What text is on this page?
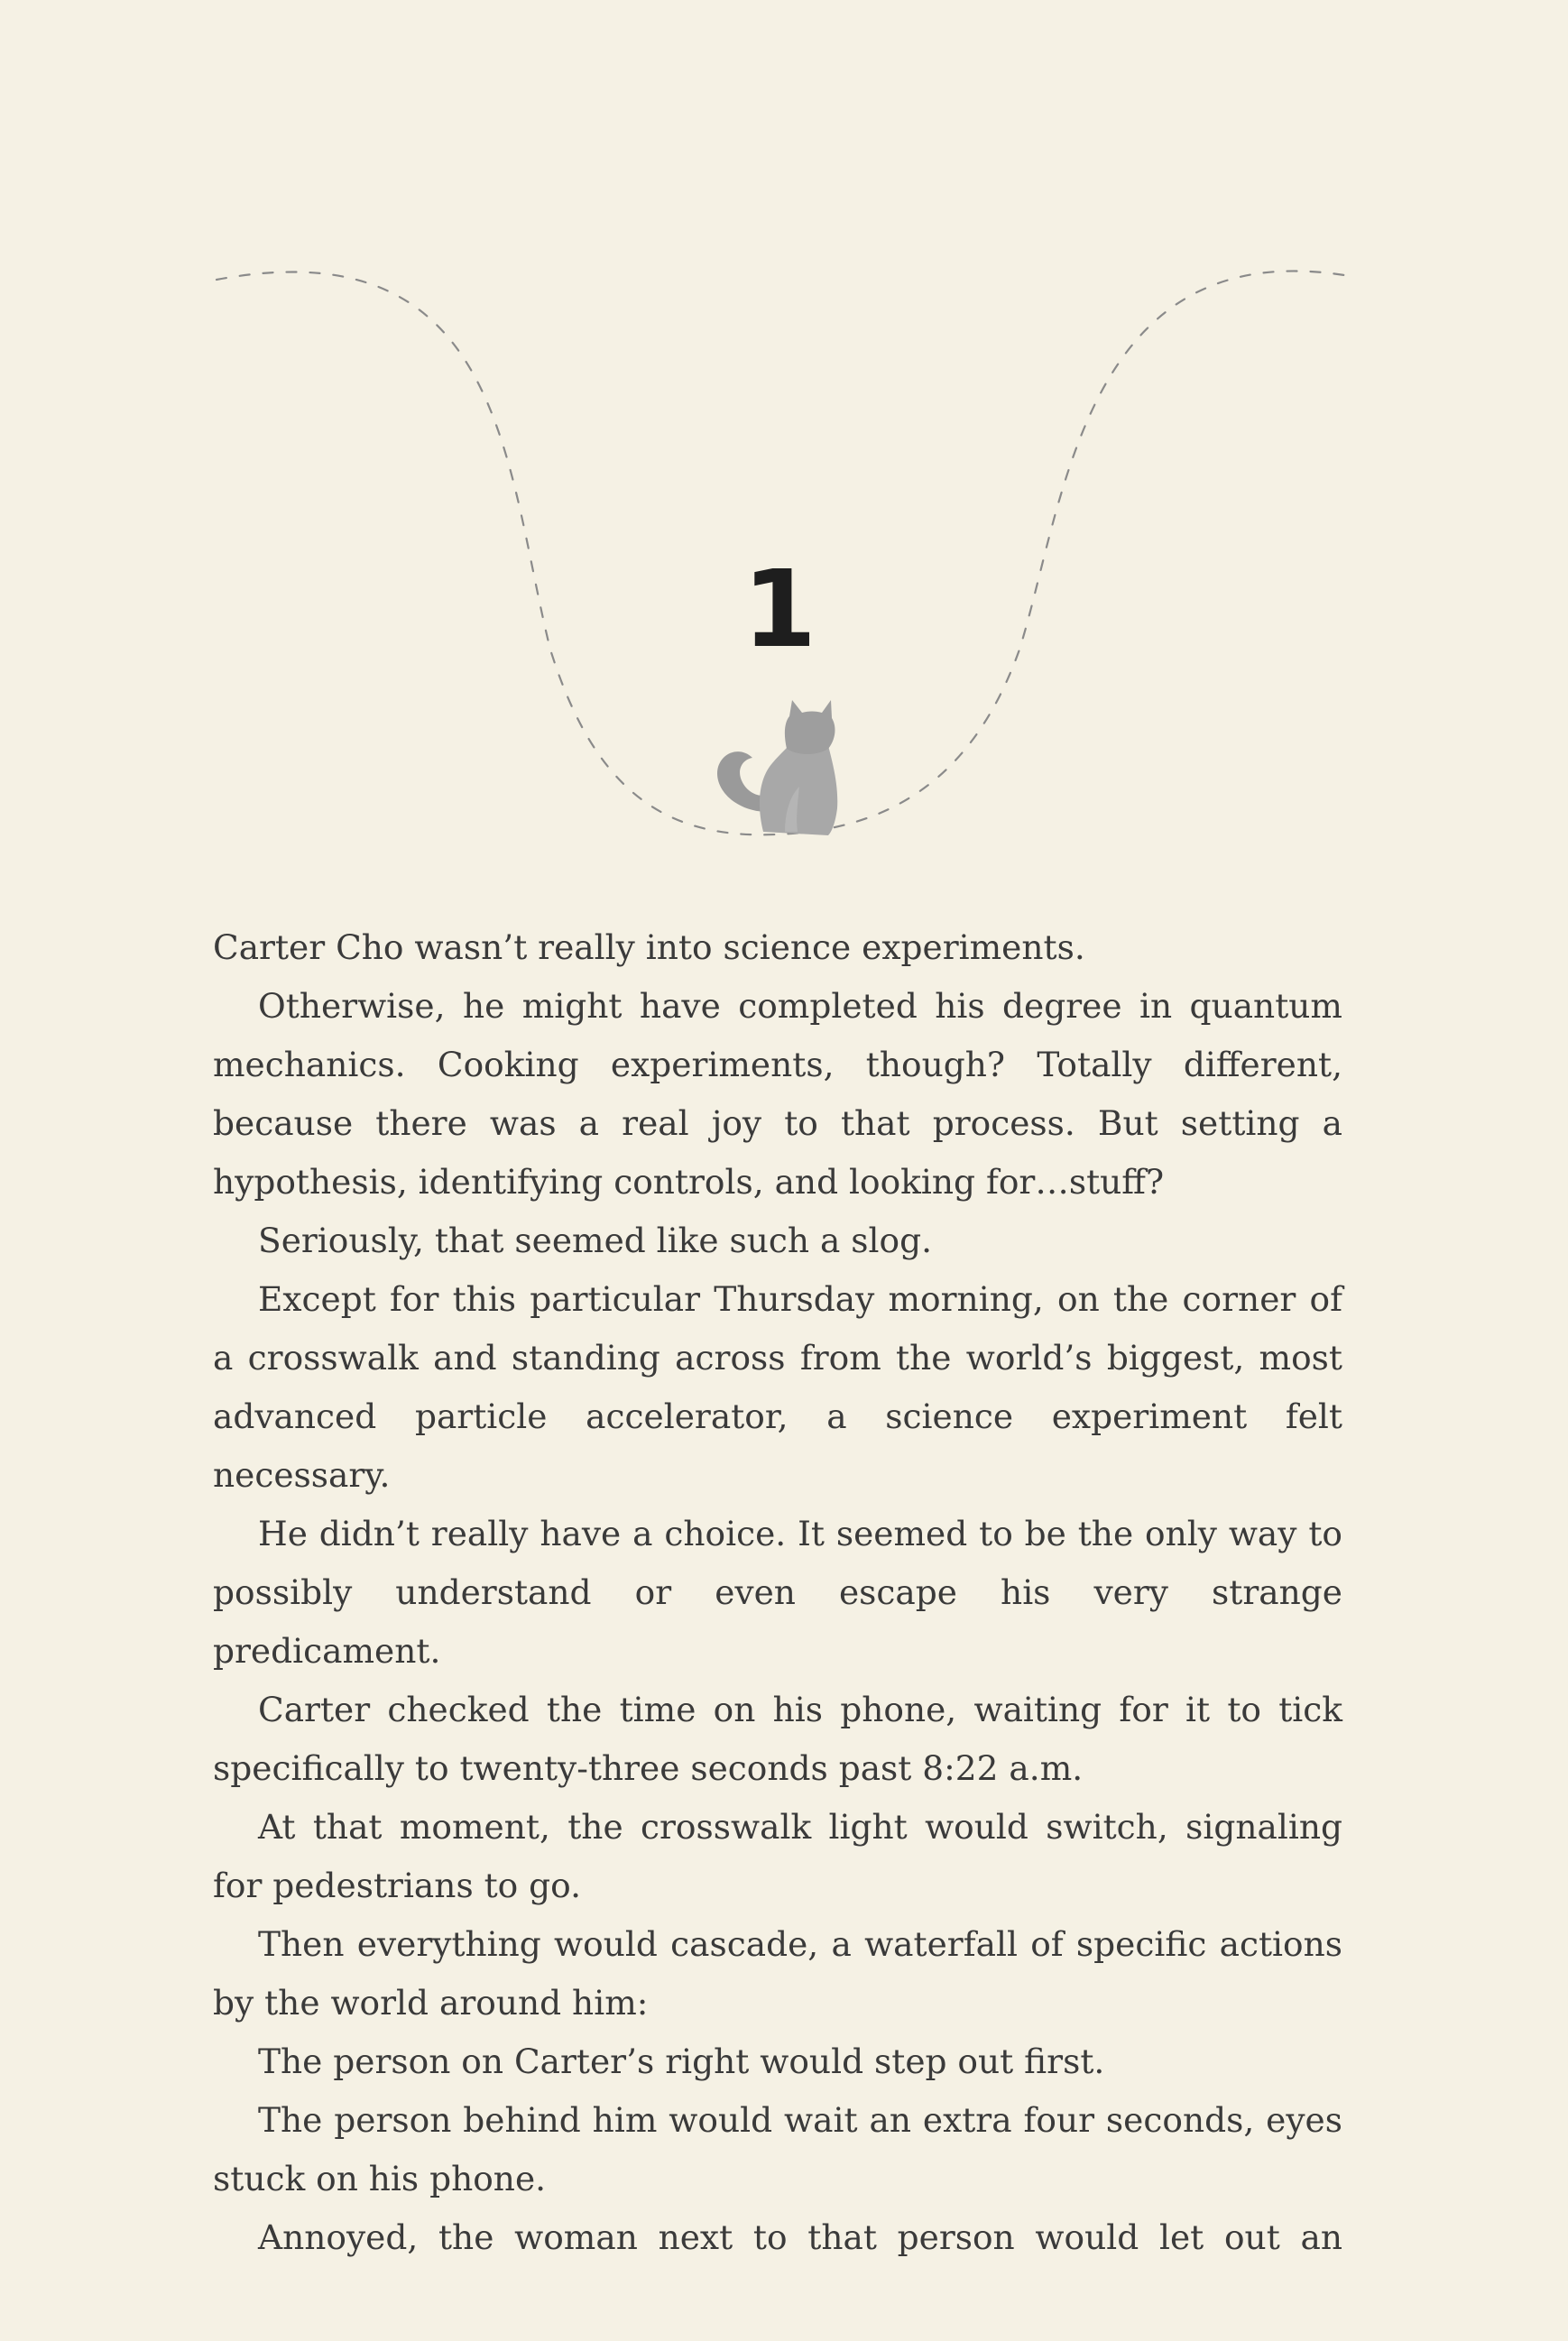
1

Carter Cho wasn’t really into science experiments.

Otherwise, he might have completed his degree in quantum mechanics. Cooking experiments, though? Totally different, because there was a real joy to that process. But setting a hypothesis, identifying controls, and looking for…stuff?

Seriously, that seemed like such a slog.

Except for this particular Thursday morning, on the corner of a crosswalk and standing across from the world’s biggest, most advanced particle accelerator, a science experiment felt necessary.

He didn’t really have a choice. It seemed to be the only way to possibly understand or even escape his very strange predicament.

Carter checked the time on his phone, waiting for it to tick specifically to twenty-three seconds past 8:22 a.m.

At that moment, the crosswalk light would switch, signaling for pedestrians to go.

Then everything would cascade, a waterfall of specific actions by the world around him:

The person on Carter’s right would step out first.

The person behind him would wait an extra four seconds, eyes stuck on his phone.

Annoyed, the woman next to that person would let out an
